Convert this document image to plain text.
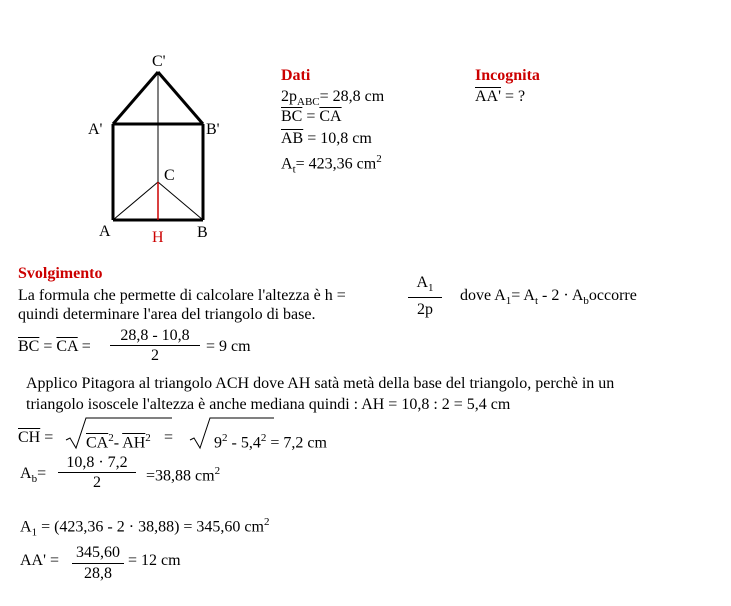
C'
A'	B'
C
A	B
H
Dati
$2p_{ABC}= 28,8$ cm
$\overline{BC} = \overline{CA}$
$\overline{AB} = 10,8$ cm
$A_t= 423,36$ $cm^2$
Incognita
AA' = ?
Svolgimento
La formula che permette di calcolare l'altezza è h =
$A_1$
2p
dove $A_1= A_t - 2$ · $A_boccorre$
quindi determinare l'area del triangolo di base.
$\overline{BC} = \overline{CA}$ =
28,8 - 10,8
2
= 9 cm
Applico Pitagora al triangolo ACH dove AH satà metà della base del triangolo, perchè in un
triangolo isoscele l'altezza è anche mediana quindi : AH = 10,8 : 2 = 5,4 cm
$\overline{CH} = \overline{CA}^2-$ $\overline{AH}^2$ =	$9^2 - 5,4^2 = 7,2$ cm
$A_b=$
10,8 · 7,2
2	=38,88 $cm^2$
$A_1 = (423,36 - 2 \cdot 38,88) = 345,60$ $cm^2$
AA' = 345,60
28,8
= 12 cm
